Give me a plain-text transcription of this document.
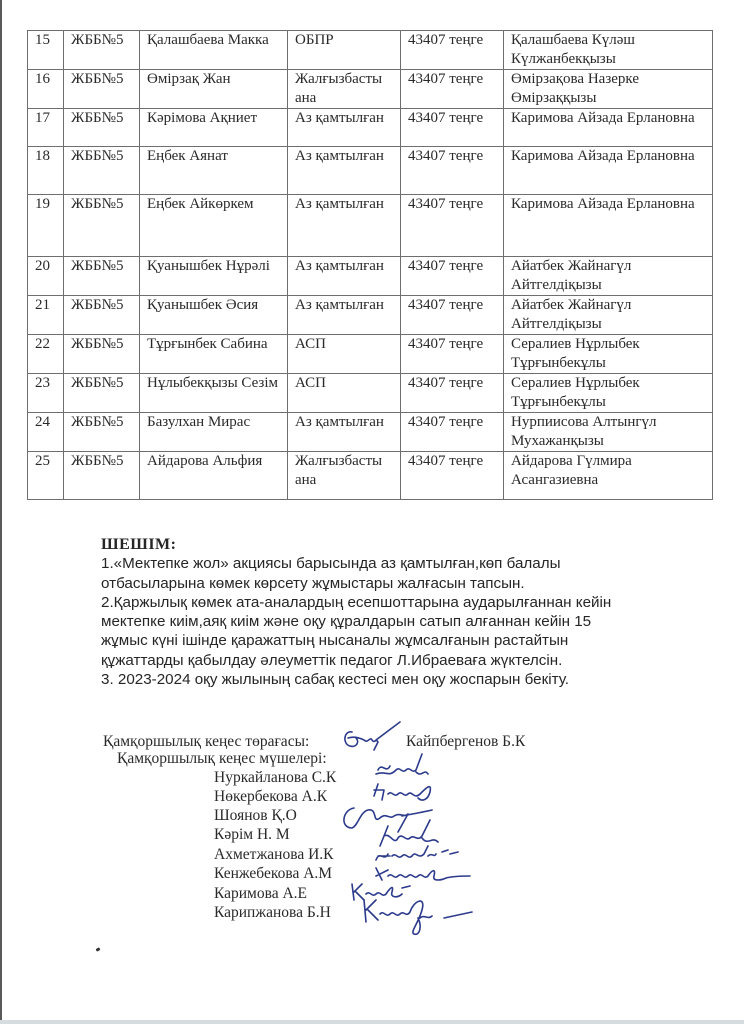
15	ЖББ№5	Қалашбаева Макка	ОБПР	43407 теңге	Қалашбаева Күләш Күлжанбекқызы
16	ЖББ№5	Өмірзақ Жан	Жалғызбасты ана	43407 теңге	Өмірзақова Назерке Өмірзаққызы
17	ЖББ№5	Кәрімова Ақниет	Аз қамтылған	43407 теңге	Каримова Айзада Ерлановна
18	ЖББ№5	Еңбек Аянат	Аз қамтылған	43407 теңге	Каримова Айзада Ерлановна
19	ЖББ№5	Еңбек Айкөркем	Аз қамтылған	43407 теңге	Каримова Айзада Ерлановна
20	ЖББ№5	Қуанышбек Нұрәлі	Аз қамтылған	43407 теңге	Айатбек Жайнагүл Айтгелдіқызы
21	ЖББ№5	Қуанышбек Әсия	Аз қамтылған	43407 теңге	Айатбек Жайнагүл Айтгелдіқызы
22	ЖББ№5	Тұрғынбек Сабина	АСП	43407 теңге	Сералиев Нұрлыбек Тұрғынбекұлы
23	ЖББ№5	Нұлыбекқызы Сезім	АСП	43407 теңге	Сералиев Нұрлыбек Тұрғынбекұлы
24	ЖББ№5	Базулхан Мирас	Аз қамтылған	43407 теңге	Нурпиисова Алтынгүл Мухажанқызы
25	ЖББ№5	Айдарова Альфия	Жалғызбасты ана	43407 теңге	Айдарова Гүлмира Асангазиевна

ШЕШІМ:

1.«Мектепке жол» акциясы барысында аз қамтылған,көп балалы

отбасыларына көмек көрсету жұмыстары жалғасын тапсын.

2.Қаржылық көмек ата-аналардың есепшоттарына аударылғаннан кейін

мектепке киім,аяқ киім және оқу құралдарын сатып алғаннан кейін 15

жұмыс күні ішінде қаражаттың нысаналы жұмсалғанын растайтын

құжаттарды қабылдау әлеуметтік педагог Л.Ибраеваға жүктелсін.

3. 2023-2024 оқу жылының сабақ кестесі мен оқу жоспарын бекіту.

Қамқоршылық кеңес төрағасы:	Кайпбергенов Б.К
Қамқоршылық кеңес мүшелері:
Нуркайланова С.К
Нөкербекова А.К
Шоянов Қ.О
Кәрім Н. М
Ахметжанова И.К
Кенжебекова А.М
Каримова А.Е
Карипжанова Б.Н
